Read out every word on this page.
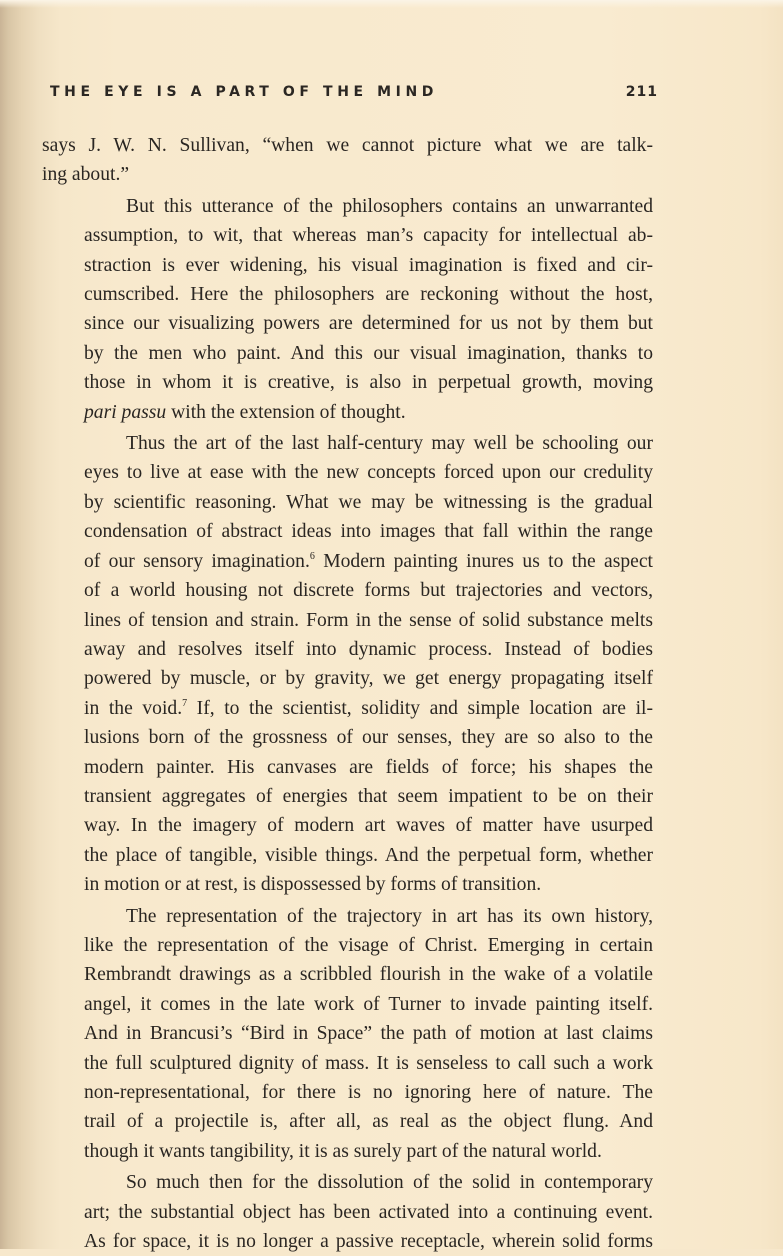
THE EYE IS A PART OF THE MIND	211

says J. W. N. Sullivan, “when we cannot picture what we are talk-
ing about.”

But this utterance of the philosophers contains an unwarranted
assumption, to wit, that whereas man’s capacity for intellectual ab-
straction is ever widening, his visual imagination is fixed and cir-
cumscribed. Here the philosophers are reckoning without the host,
since our visualizing powers are determined for us not by them but
by the men who paint. And this our visual imagination, thanks to
those in whom it is creative, is also in perpetual growth, moving
pari passu with the extension of thought.

Thus the art of the last half-century may well be schooling our
eyes to live at ease with the new concepts forced upon our credulity
by scientific reasoning. What we may be witnessing is the gradual
condensation of abstract ideas into images that fall within the range
of our sensory imagination.$^6$ Modern painting inures us to the aspect
of a world housing not discrete forms but trajectories and vectors,
lines of tension and strain. Form in the sense of solid substance melts
away and resolves itself into dynamic process. Instead of bodies
powered by muscle, or by gravity, we get energy propagating itself
in the void.$^7$ If, to the scientist, solidity and simple location are il-
lusions born of the grossness of our senses, they are so also to the
modern painter. His canvases are fields of force; his shapes the
transient aggregates of energies that seem impatient to be on their
way. In the imagery of modern art waves of matter have usurped
the place of tangible, visible things. And the perpetual form, whether
in motion or at rest, is dispossessed by forms of transition.

The representation of the trajectory in art has its own history,
like the representation of the visage of Christ. Emerging in certain
Rembrandt drawings as a scribbled flourish in the wake of a volatile
angel, it comes in the late work of Turner to invade painting itself.
And in Brancusi’s “Bird in Space” the path of motion at last claims
the full sculptured dignity of mass. It is senseless to call such a work
non-representational, for there is no ignoring here of nature. The
trail of a projectile is, after all, as real as the object flung. And
though it wants tangibility, it is as surely part of the natural world.

So much then for the dissolution of the solid in contemporary
art; the substantial object has been activated into a continuing event.
As for space, it is no longer a passive receptacle, wherein solid forms
